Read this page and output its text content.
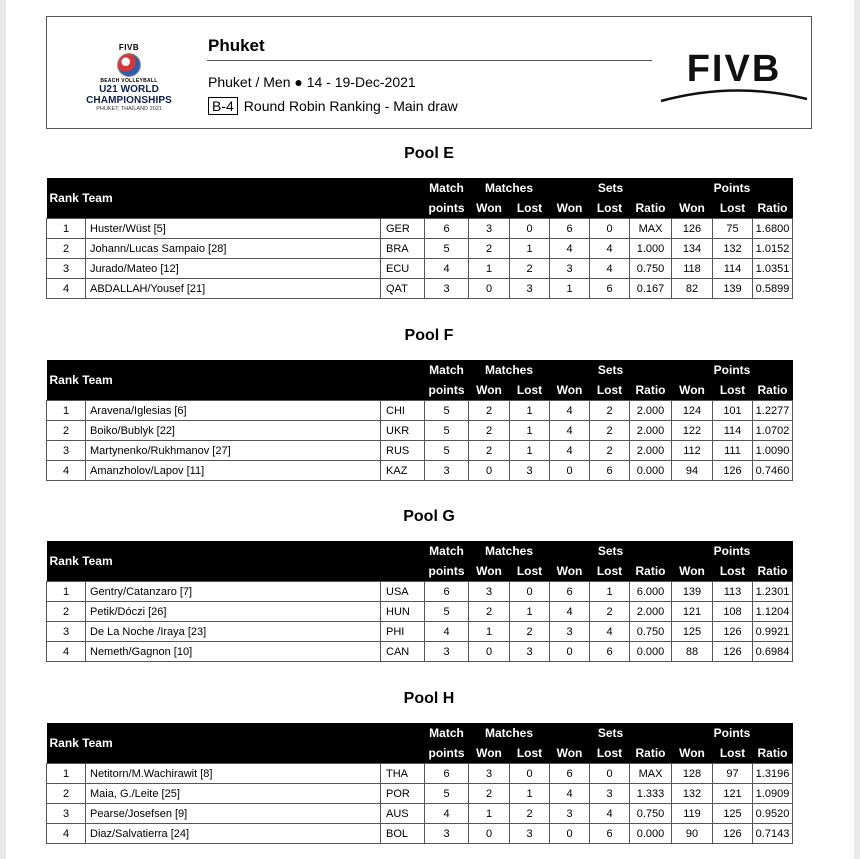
FIVB
BEACH VOLLEYBALL
U21 WORLD CHAMPIONSHIPS
PHUKET, THAILAND 2021
Phuket
Phuket / Men ● 14 - 19-Dec-2021
B-4 Round Robin Ranking - Main draw
FIVB
Pool E
Rank Team			Match	Matches		Sets			Points		
			points	Won	Lost	Won	Lost	Ratio	Won	Lost	Ratio
1	Huster/Wüst [5]	GER	6	3	0	6	0	MAX	126	75	1.6800
2	Johann/Lucas Sampaio [28]	BRA	5	2	1	4	4	1.000	134	132	1.0152
3	Jurado/Mateo [12]	ECU	4	1	2	3	4	0.750	118	114	1.0351
4	ABDALLAH/Yousef [21]	QAT	3	0	3	1	6	0.167	82	139	0.5899
Pool F
Rank Team			Match	Matches		Sets			Points		
			points	Won	Lost	Won	Lost	Ratio	Won	Lost	Ratio
1	Aravena/Iglesias [6]	CHI	5	2	1	4	2	2.000	124	101	1.2277
2	Boiko/Bublyk [22]	UKR	5	2	1	4	2	2.000	122	114	1.0702
3	Martynenko/Rukhmanov [27]	RUS	5	2	1	4	2	2.000	112	111	1.0090
4	Amanzholov/Lapov [11]	KAZ	3	0	3	0	6	0.000	94	126	0.7460
Pool G
Rank Team			Match	Matches		Sets			Points		
			points	Won	Lost	Won	Lost	Ratio	Won	Lost	Ratio
1	Gentry/Catanzaro [7]	USA	6	3	0	6	1	6.000	139	113	1.2301
2	Petik/Dóczi [26]	HUN	5	2	1	4	2	2.000	121	108	1.1204
3	De La Noche /Iraya [23]	PHI	4	1	2	3	4	0.750	125	126	0.9921
4	Nemeth/Gagnon [10]	CAN	3	0	3	0	6	0.000	88	126	0.6984
Pool H
Rank Team			Match	Matches		Sets			Points		
			points	Won	Lost	Won	Lost	Ratio	Won	Lost	Ratio
1	Netitorn/M.Wachirawit [8]	THA	6	3	0	6	0	MAX	128	97	1.3196
2	Maia, G./Leite [25]	POR	5	2	1	4	3	1.333	132	121	1.0909
3	Pearse/Josefsen [9]	AUS	4	1	2	3	4	0.750	119	125	0.9520
4	Diaz/Salvatierra [24]	BOL	3	0	3	0	6	0.000	90	126	0.7143
